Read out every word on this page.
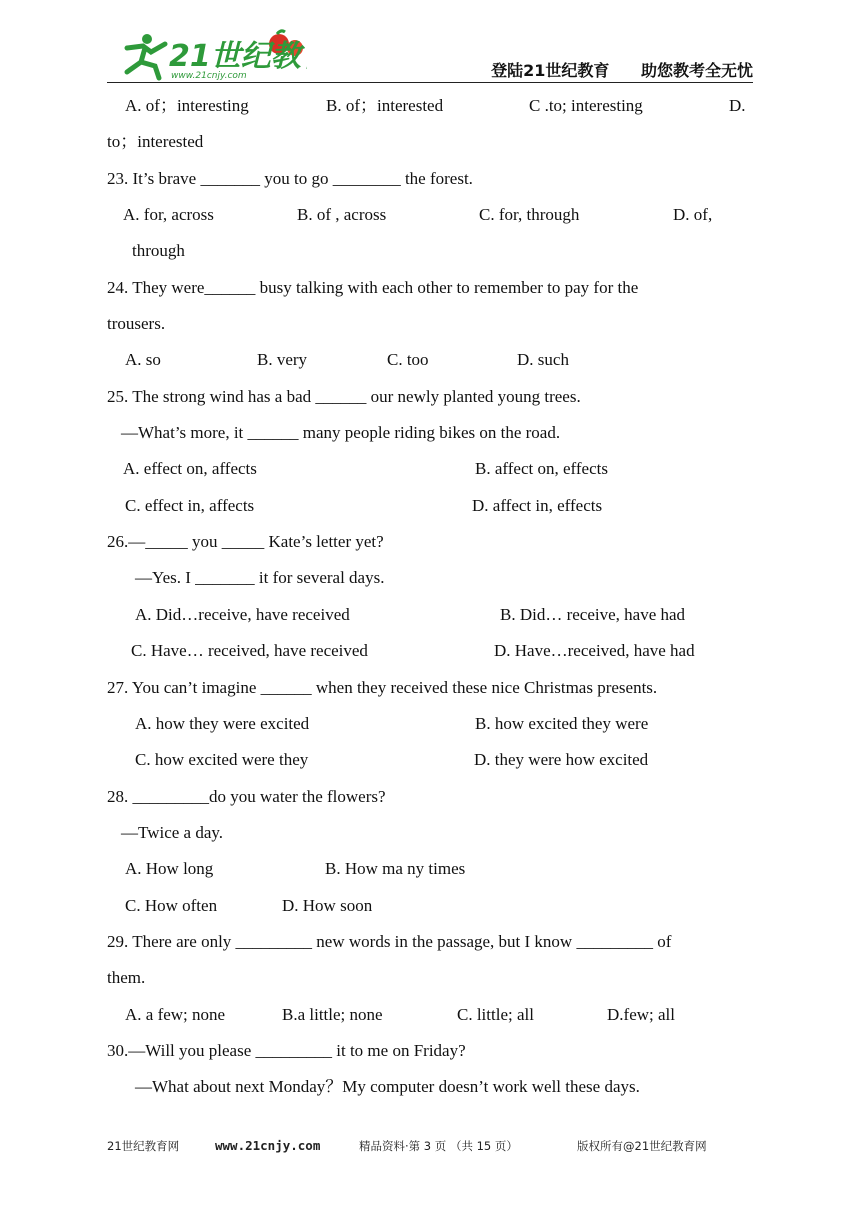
21世纪教
www.21cnjy.com	登陆21世纪教育 助您教考全无忧

A. of；interesting

	B. of；interested

	C .to; interesting

	D.

to；interested

23. It’s brave _______ you to go ________ the forest.

A. for, across

	B. of , across

	C. for, through

	D. of,

through

24. They were______ busy talking with each other to remember to pay for the

trousers.

A. so

	B. very

	C. too

	D. such

25. The strong wind has a bad ______ our newly planted young trees.

—What’s more, it ______ many people riding bikes on the road.

A. effect on, affects

	B. affect on, effects

C. effect in, affects

	D. affect in, effects

26.—_____ you _____ Kate’s letter yet?

—Yes. I _______ it for several days.

A. Did…receive, have received

	B. Did… receive, have had

C. Have… received, have received

	D. Have…received, have had

27. You can’t imagine ______ when they received these nice Christmas presents.

A. how they were excited

	B. how excited they were

C. how excited were they

	D. they were how excited

28. _________do you water the flowers?

—Twice a day.

A. How long

	B. How ma ny times

C. How often

	D. How soon

29. There are only _________ new words in the passage, but I know _________ of

them.

A. a few; none

	B.a little; none

	C. little; all

	D.few; all

30.—Will you please _________ it to me on Friday?

—What about next Monday？My computer doesn’t work well these days.

21世纪教育网	www.21cnjy.com	精品资料·第 3 页 （共 15 页）	版权所有@21世纪教育网
